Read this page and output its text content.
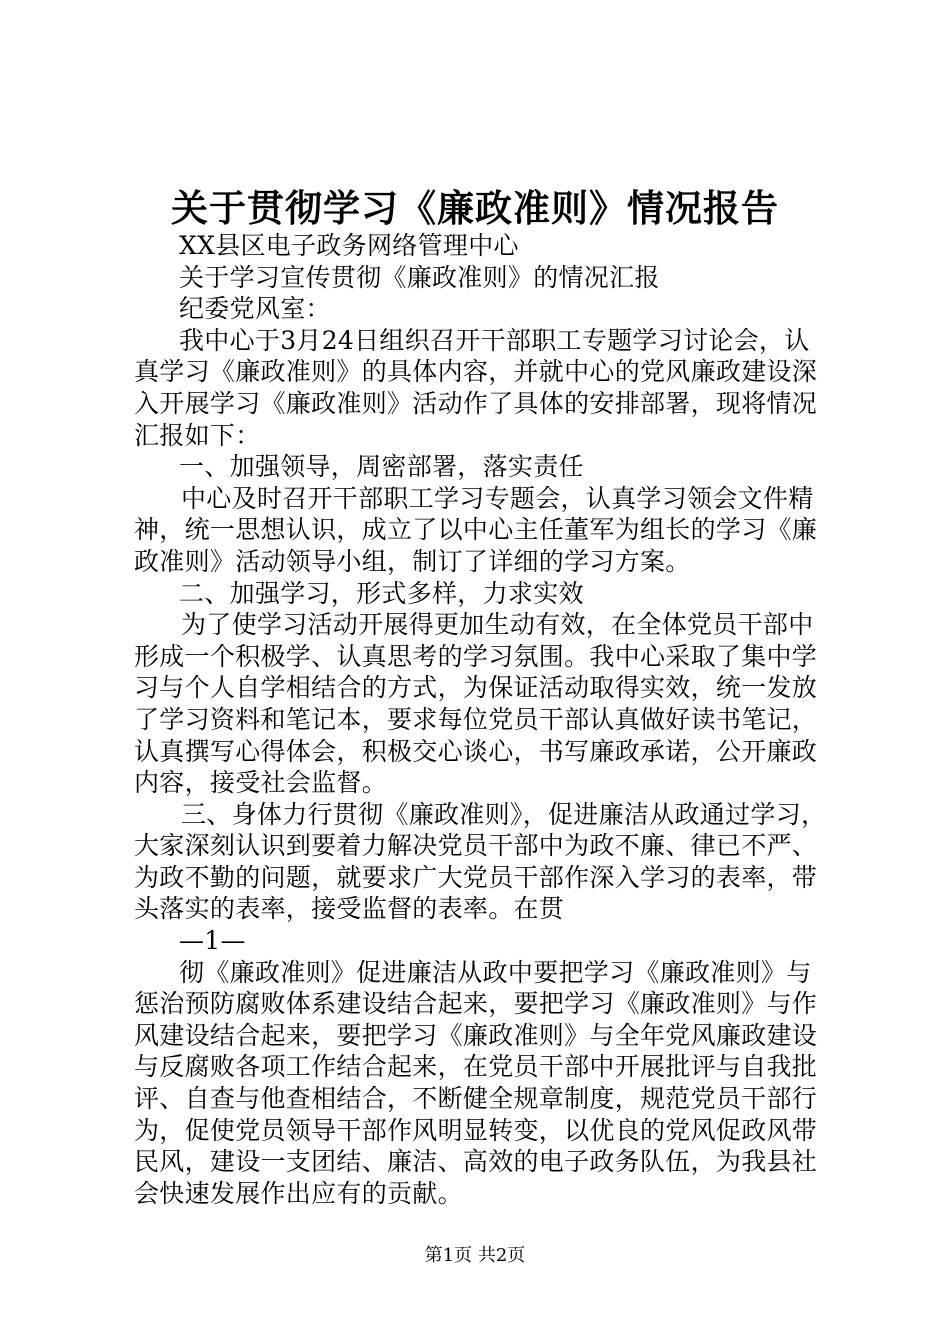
关于贯彻学习《廉政准则》情况报告
XX县区电子政务网络管理中心
关于学习宣传贯彻《廉政准则》的情况汇报
纪委党风室：
我中心于3月24日组织召开干部职工专题学习讨论会，认
真学习《廉政准则》的具体内容，并就中心的党风廉政建设深
入开展学习《廉政准则》活动作了具体的安排部署，现将情况
汇报如下：
一、加强领导，周密部署，落实责任
中心及时召开干部职工学习专题会，认真学习领会文件精
神，统一思想认识，成立了以中心主任董军为组长的学习《廉
政准则》活动领导小组，制订了详细的学习方案。
二、加强学习，形式多样，力求实效
为了使学习活动开展得更加生动有效，在全体党员干部中
形成一个积极学、认真思考的学习氛围。我中心采取了集中学
习与个人自学相结合的方式，为保证活动取得实效，统一发放
了学习资料和笔记本，要求每位党员干部认真做好读书笔记，
认真撰写心得体会，积极交心谈心，书写廉政承诺，公开廉政
内容，接受社会监督。
三、身体力行贯彻《廉政准则》，促进廉洁从政通过学习，
大家深刻认识到要着力解决党员干部中为政不廉、律已不严、
为政不勤的问题，就要求广大党员干部作深入学习的表率，带
头落实的表率，接受监督的表率。在贯
—1—
彻《廉政准则》促进廉洁从政中要把学习《廉政准则》与
惩治预防腐败体系建设结合起来，要把学习《廉政准则》与作
风建设结合起来，要把学习《廉政准则》与全年党风廉政建设
与反腐败各项工作结合起来，在党员干部中开展批评与自我批
评、自查与他查相结合，不断健全规章制度，规范党员干部行
为，促使党员领导干部作风明显转变，以优良的党风促政风带
民风，建设一支团结、廉洁、高效的电子政务队伍，为我县社
会快速发展作出应有的贡献。
第1页 共2页
